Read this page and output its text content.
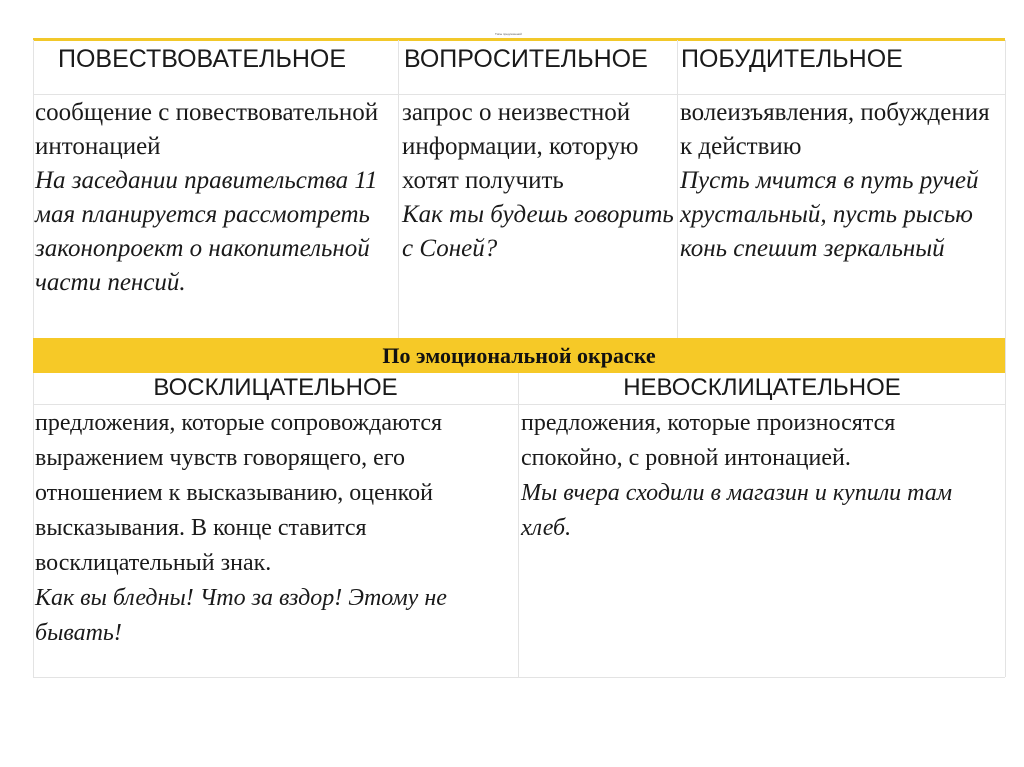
Типы предложений
ПОВЕСТВОВАТЕЛЬНОЕ ВОПРОСИТЕЛЬНОЕ ПОБУДИТЕЛЬНОЕ
сообщение с повествовательной интонацией
На заседании правительства 11 мая планируется рассмотреть законопроект о накопительной части пенсий.
запрос о неизвестной информации, которую хотят получить
Как ты будешь говорить с Соней?
волеизъявления, побуждения к действию
Пусть мчится в путь ручей хрустальный, пусть рысью конь спешит зеркальный
По эмоциональной окраске
ВОСКЛИЦАТЕЛЬНОЕ	НЕВОСКЛИЦАТЕЛЬНОЕ
предложения, которые сопровождаются выражением чувств говорящего, его отношением к высказыванию, оценкой высказывания. В конце ставится восклицательный знак.
Как вы бледны! Что за вздор! Этому не бывать!
предложения, которые произносятся спокойно, с ровной интонацией.
Мы вчера сходили в магазин и купили там хлеб.
